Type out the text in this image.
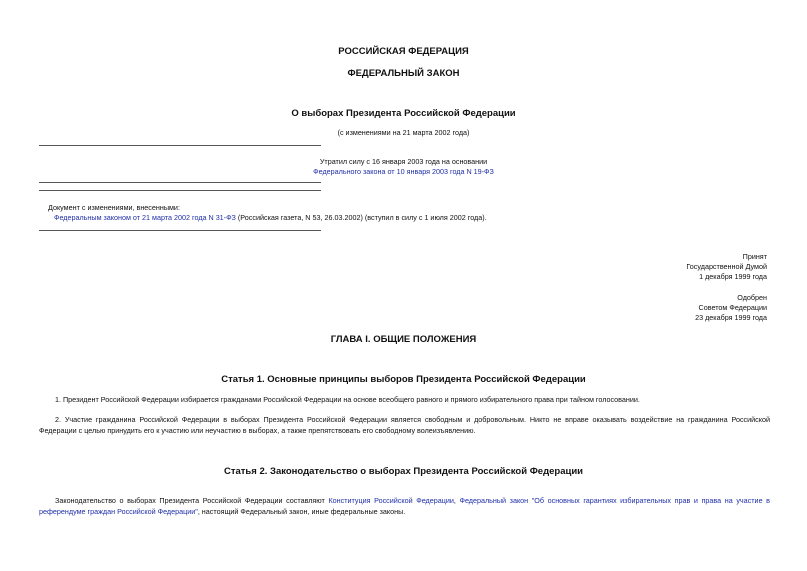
РОССИЙСКАЯ ФЕДЕРАЦИЯ
ФЕДЕРАЛЬНЫЙ ЗАКОН
О выборах Президента Российской Федерации
(с изменениями на 21 марта 2002 года)
Утратил силу с 16 января 2003 года на основании
Федерального закона от 10 января 2003 года N 19-ФЗ
Документ с изменениями, внесенными:
Федеральным законом от 21 марта 2002 года N 31-ФЗ (Российская газета, N 53, 26.03.2002) (вступил в силу с 1 июля 2002 года).
Принят
Государственной Думой
1 декабря 1999 года
Одобрен
Советом Федерации
23 декабря 1999 года
ГЛАВА I. ОБЩИЕ ПОЛОЖЕНИЯ
Статья 1. Основные принципы выборов Президента Российской Федерации
1. Президент Российской Федерации избирается гражданами Российской Федерации на основе всеобщего равного и прямого избирательного права при тайном голосовании.
2. Участие гражданина Российской Федерации в выборах Президента Российской Федерации является свободным и добровольным. Никто не вправе оказывать воздействие на гражданина Российской Федерации с целью принудить его к участию или неучастию в выборах, а также препятствовать его свободному волеизъявлению.
Статья 2. Законодательство о выборах Президента Российской Федерации
Законодательство о выборах Президента Российской Федерации составляют Конституция Российской Федерации, Федеральный закон "Об основных гарантиях избирательных прав и права на участие в референдуме граждан Российской Федерации", настоящий Федеральный закон, иные федеральные законы.
